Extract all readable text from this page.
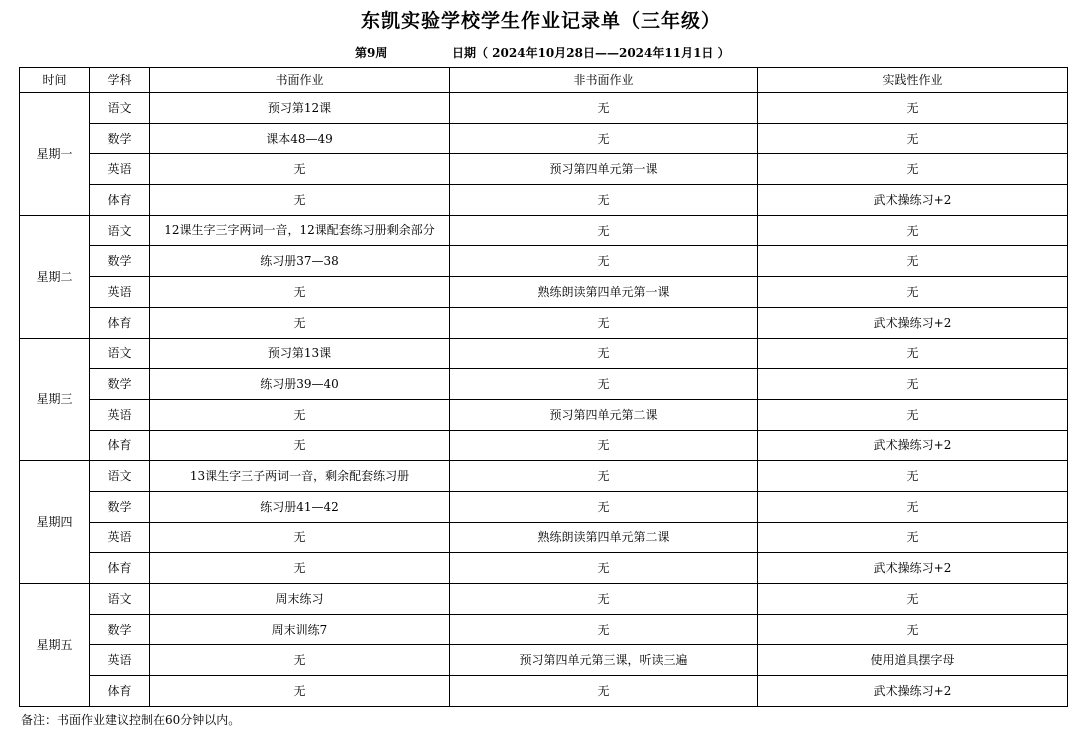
东凯实验学校学生作业记录单（三年级）
第9周	日期（ 2024年10月28日——2024年11月1日 ）
时间	学科	书面作业	非书面作业	实践性作业
星期一	语文	预习第12课	无	无
	数学	课本48—49	无	无
	英语	无	预习第四单元第一课	无
	体育	无	无	武术操练习+2
星期二	语文	12课生字三字两词一音，12课配套练习册剩余部分	无	无
	数学	练习册37—38	无	无
	英语	无	熟练朗读第四单元第一课	无
	体育	无	无	武术操练习+2
星期三	语文	预习第13课	无	无
	数学	练习册39—40	无	无
	英语	无	预习第四单元第二课	无
	体育	无	无	武术操练习+2
星期四	语文	13课生字三子两词一音，剩余配套练习册	无	无
	数学	练习册41—42	无	无
	英语	无	熟练朗读第四单元第二课	无
	体育	无	无	武术操练习+2
星期五	语文	周末练习	无	无
	数学	周末训练7	无	无
	英语	无	预习第四单元第三课，听读三遍	使用道具摆字母
	体育	无	无	武术操练习+2
备注：书面作业建议控制在60分钟以内。
